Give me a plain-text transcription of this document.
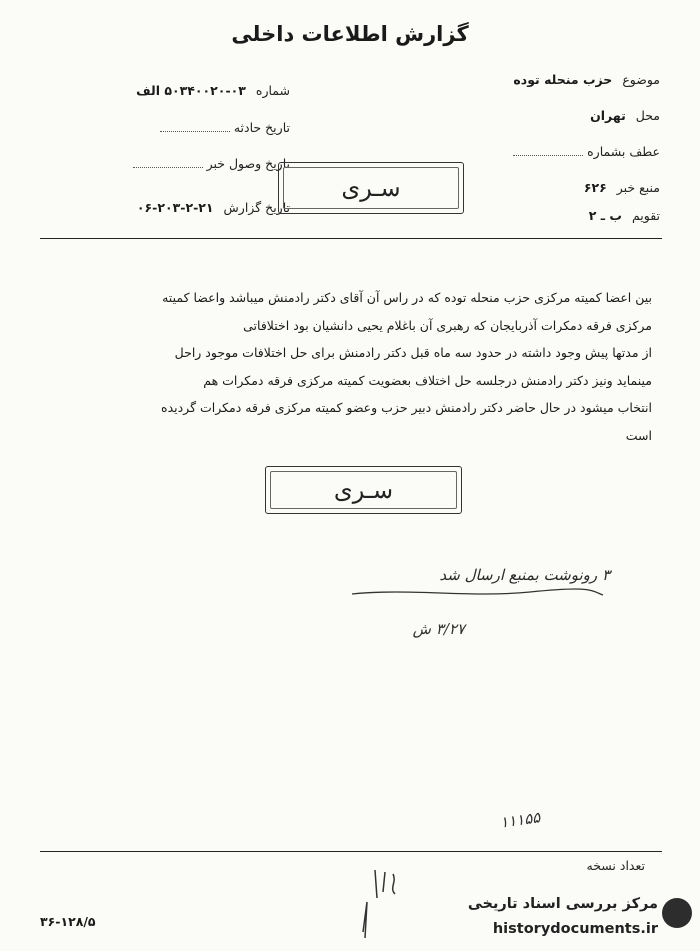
گزارش اطلاعات داخلی
موضوع حزب منحله توده
محل تهران
عطف بشماره
منبع خبر ۶۲۶
تقویم ب ـ ۲
شماره ۰۳-۵۰۳۴۰۰۲۰ الف
تاریخ حادثه
تاریخ وصول خبر
تاریخ گزارش ۲۱-۲-۲۰۳-۰۶
سـری

بین اعضا کمیته مرکزی حزب منحله توده که در راس آن آقای دکتر رادمنش میباشد واعضا کمیته

مرکزی فرقه دمکرات آذربایجان که رهبری آن باغلام یحیی دانشیان بود اختلافاتی

از مدتها پیش وجود داشته در حدود سه ماه قبل دکتر رادمنش برای حل اختلافات موجود راحل

مینماید ونیز دکتر رادمنش درجلسه حل اختلاف بعضویت کمیته مرکزی فرقه دمکرات هم

انتخاب میشود در حال حاضر دکتر رادمنش دبیر حزب وعضو کمیته مرکزی فرقه دمکرات گردیده

است

سـری
۳ رونوشت بمنبع ارسال شد
۳/۲۷ ش
۱۱۱۵۵
تعداد نسخه
۳۶-۱۲۸/۵
مرکز بررسی اسناد تاریخی
historydocuments.ir
